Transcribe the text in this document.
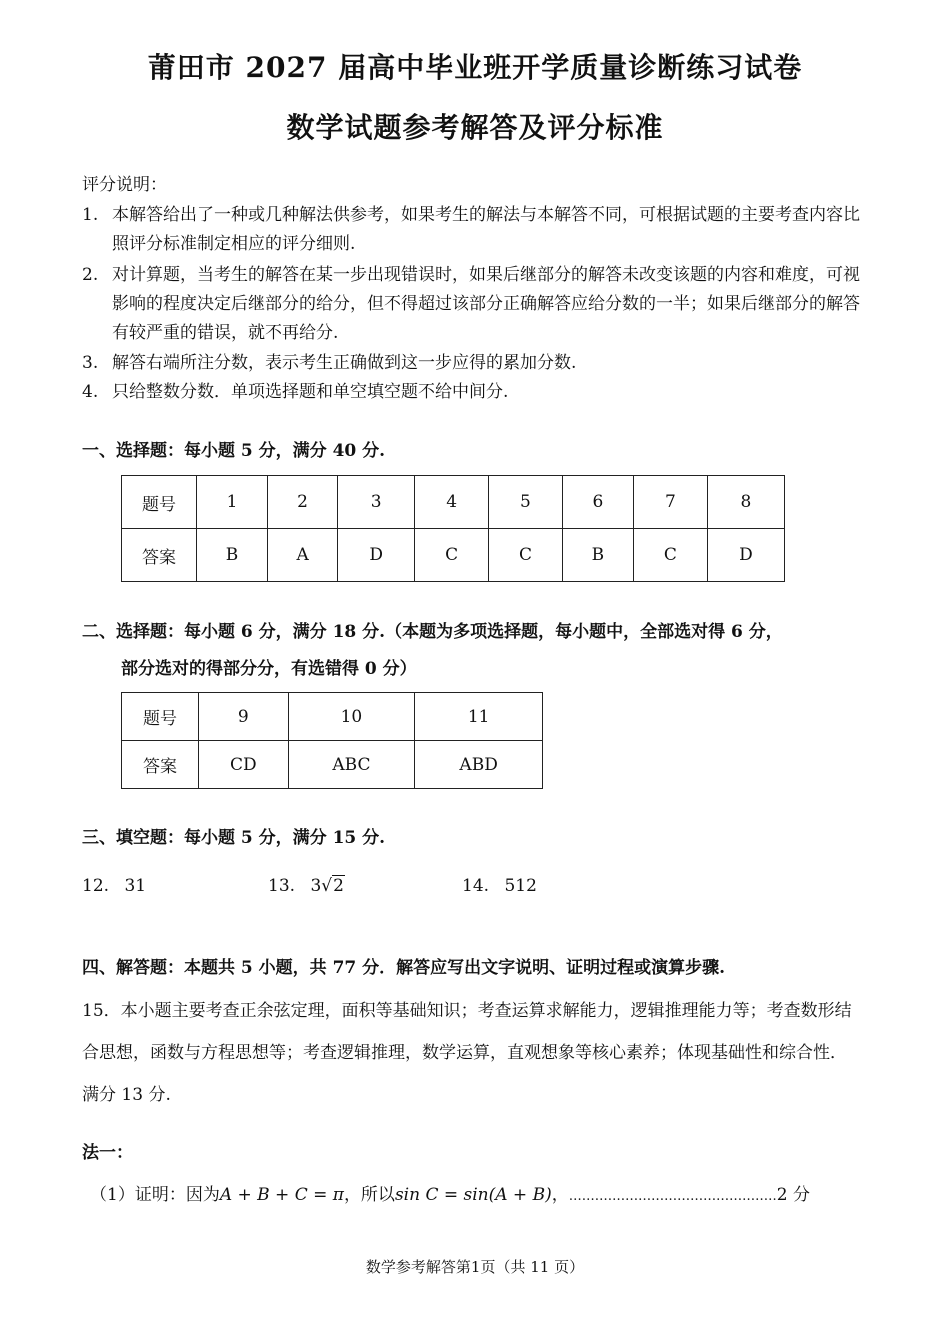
莆田市 2027 届高中毕业班开学质量诊断练习试卷
数学试题参考解答及评分标准
评分说明：
1. 本解答给出了一种或几种解法供参考，如果考生的解法与本解答不同，可根据试题的主要考查内容比照评分标准制定相应的评分细则.
2. 对计算题，当考生的解答在某一步出现错误时，如果后继部分的解答未改变该题的内容和难度，可视影响的程度决定后继部分的给分，但不得超过该部分正确解答应给分数的一半；如果后继部分的解答有较严重的错误，就不再给分.
3. 解答右端所注分数，表示考生正确做到这一步应得的累加分数.
4. 只给整数分数．单项选择题和单空填空题不给中间分.
一、选择题：每小题 5 分，满分 40 分.
题号	1	2	3	4	5	6	7	8
答案	B	A	D	C	C	B	C	D
二、选择题：每小题 6 分，满分 18 分.（本题为多项选择题，每小题中，全部选对得 6 分，
部分选对的得部分分，有选错得 0 分）
题号	9	10	11
答案	CD	ABC	ABD
三、填空题：每小题 5 分，满分 15 分.
12. 31	13. 3√2	14. 512
四、解答题：本题共 5 小题，共 77 分．解答应写出文字说明、证明过程或演算步骤.
15．本小题主要考查正余弦定理，面积等基础知识；考查运算求解能力，逻辑推理能力等；考查数形结合思想，函数与方程思想等；考查逻辑推理，数学运算，直观想象等核心素养；体现基础性和综合性．满分 13 分.
法一：
（1）证明：因为A + B + C = π，所以sin C = sin(A + B)，…………………………………………2 分
数学参考解答第1页（共 11 页）
